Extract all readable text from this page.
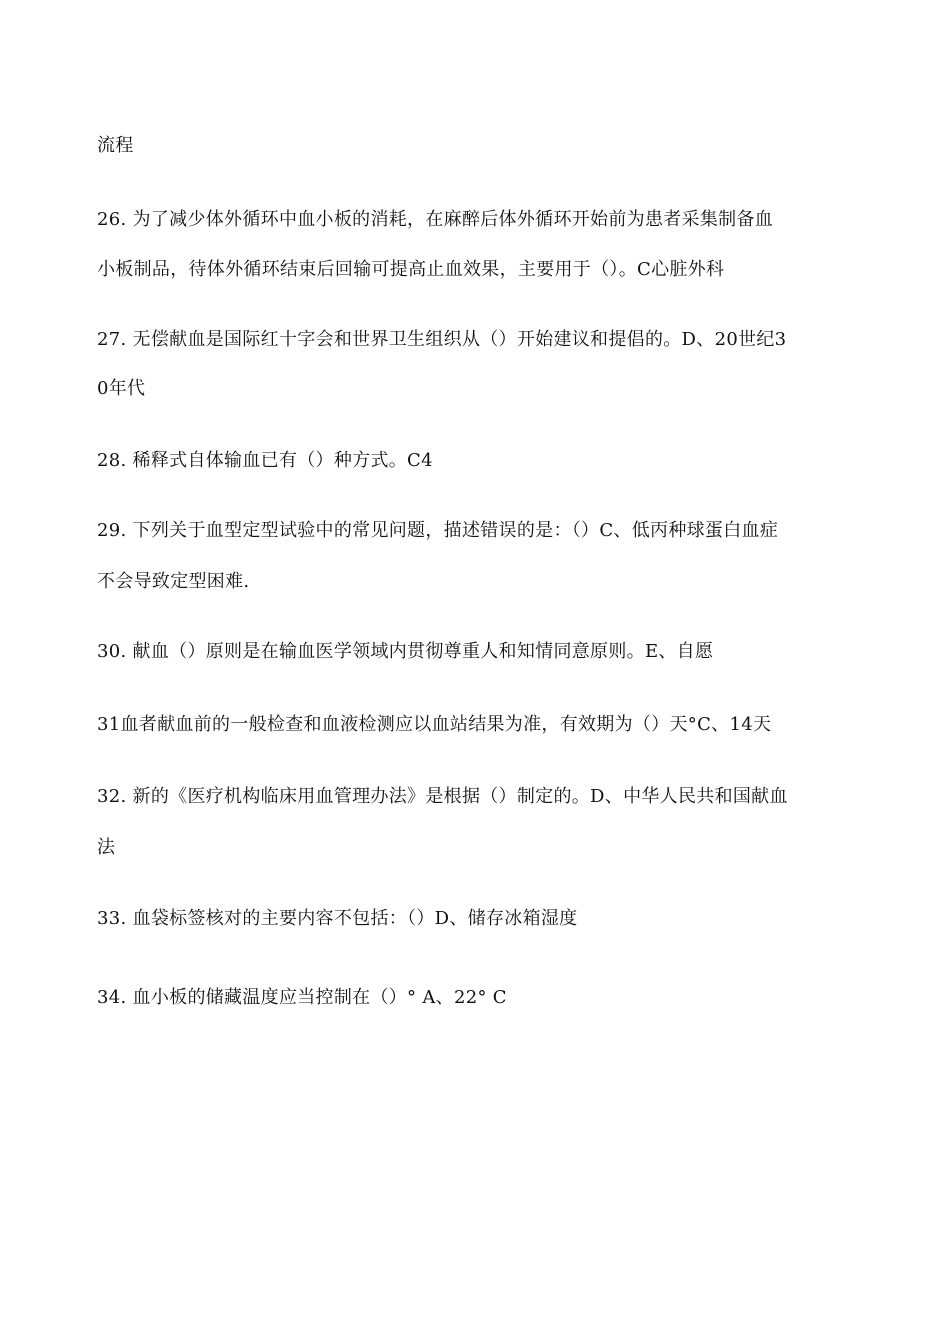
流程
26. 为了减少体外循环中血小板的消耗，在麻醉后体外循环开始前为患者采集制备血
小板制品，待体外循环结束后回输可提高止血效果，主要用于（）。C心脏外科
27. 无偿献血是国际红十字会和世界卫生组织从（）开始建议和提倡的。D、20世纪3
0年代
28. 稀释式自体输血已有（）种方式。C4
29. 下列关于血型定型试验中的常见问题，描述错误的是：（）C、低丙种球蛋白血症
不会导致定型困难.
30. 献血（）原则是在输血医学领域内贯彻尊重人和知情同意原则。E、自愿
31血者献血前的一般检查和血液检测应以血站结果为准，有效期为（）天°C、14天
32. 新的《医疗机构临床用血管理办法》是根据（）制定的。D、中华人民共和国献血
法
33. 血袋标签核对的主要内容不包括：（）D、储存冰箱湿度
34. 血小板的储藏温度应当控制在（）° A、22° C
